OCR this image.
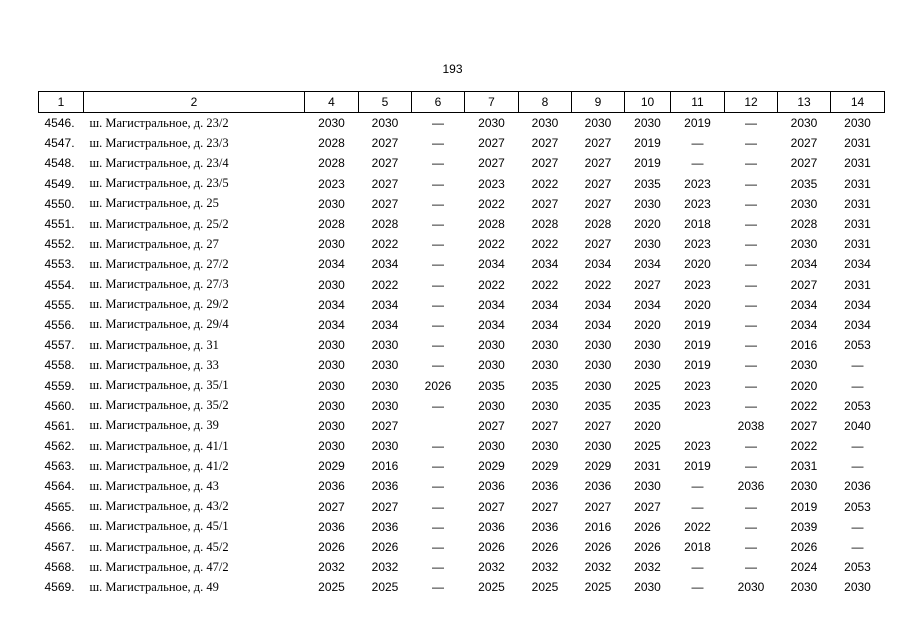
193
1	2	4	5	6	7	8	9	10	11	12	13	14
4546.	ш. Магистральное, д. 23/2	2030	2030	—	2030	2030	2030	2030	2019	—	2030	2030
4547.	ш. Магистральное, д. 23/3	2028	2027	—	2027	2027	2027	2019	—	—	2027	2031
4548.	ш. Магистральное, д. 23/4	2028	2027	—	2027	2027	2027	2019	—	—	2027	2031
4549.	ш. Магистральное, д. 23/5	2023	2027	—	2023	2022	2027	2035	2023	—	2035	2031
4550.	ш. Магистральное, д. 25	2030	2027	—	2022	2027	2027	2030	2023	—	2030	2031
4551.	ш. Магистральное, д. 25/2	2028	2028	—	2028	2028	2028	2020	2018	—	2028	2031
4552.	ш. Магистральное, д. 27	2030	2022	—	2022	2022	2027	2030	2023	—	2030	2031
4553.	ш. Магистральное, д. 27/2	2034	2034	—	2034	2034	2034	2034	2020	—	2034	2034
4554.	ш. Магистральное, д. 27/3	2030	2022	—	2022	2022	2022	2027	2023	—	2027	2031
4555.	ш. Магистральное, д. 29/2	2034	2034	—	2034	2034	2034	2034	2020	—	2034	2034
4556.	ш. Магистральное, д. 29/4	2034	2034	—	2034	2034	2034	2020	2019	—	2034	2034
4557.	ш. Магистральное, д. 31	2030	2030	—	2030	2030	2030	2030	2019	—	2016	2053
4558.	ш. Магистральное, д. 33	2030	2030	—	2030	2030	2030	2030	2019	—	2030	—
4559.	ш. Магистральное, д. 35/1	2030	2030	2026	2035	2035	2030	2025	2023	—	2020	—
4560.	ш. Магистральное, д. 35/2	2030	2030	—	2030	2030	2035	2035	2023	—	2022	2053
4561.	ш. Магистральное, д. 39	2030	2027		2027	2027	2027	2020		2038	2027	2040
4562.	ш. Магистральное, д. 41/1	2030	2030	—	2030	2030	2030	2025	2023	—	2022	—
4563.	ш. Магистральное, д. 41/2	2029	2016	—	2029	2029	2029	2031	2019	—	2031	—
4564.	ш. Магистральное, д. 43	2036	2036	—	2036	2036	2036	2030	—	2036	2030	2036
4565.	ш. Магистральное, д. 43/2	2027	2027	—	2027	2027	2027	2027	—	—	2019	2053
4566.	ш. Магистральное, д. 45/1	2036	2036	—	2036	2036	2016	2026	2022	—	2039	—
4567.	ш. Магистральное, д. 45/2	2026	2026	—	2026	2026	2026	2026	2018	—	2026	—
4568.	ш. Магистральное, д. 47/2	2032	2032	—	2032	2032	2032	2032	—	—	2024	2053
4569.	ш. Магистральное, д. 49	2025	2025	—	2025	2025	2025	2030	—	2030	2030	2030
